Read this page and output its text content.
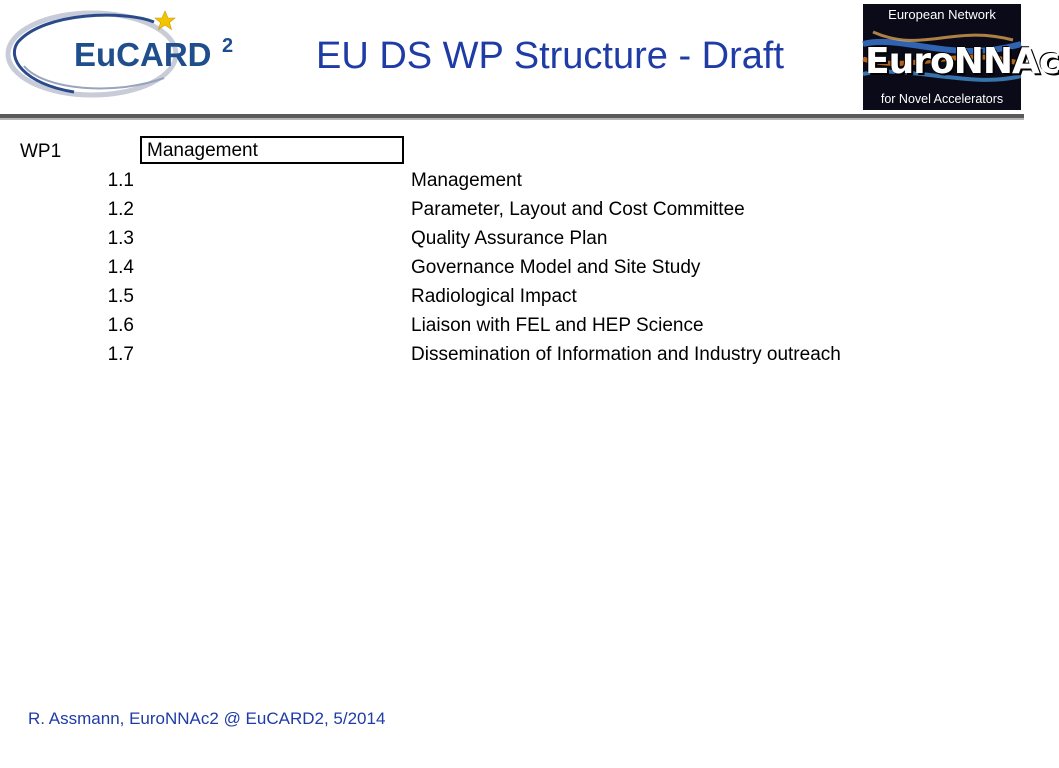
EuCARD 2	EU DS WP Structure - Draft
European Network
EuroNNAc
for Novel Accelerators
WP1	Management
1.1	Management
1.2	Parameter, Layout and Cost Committee
1.3	Quality Assurance Plan
1.4	Governance Model and Site Study
1.5	Radiological Impact
1.6	Liaison with FEL and HEP Science
1.7	Dissemination of Information and Industry outreach
R. Assmann, EuroNNAc2 @ EuCARD2, 5/2014
